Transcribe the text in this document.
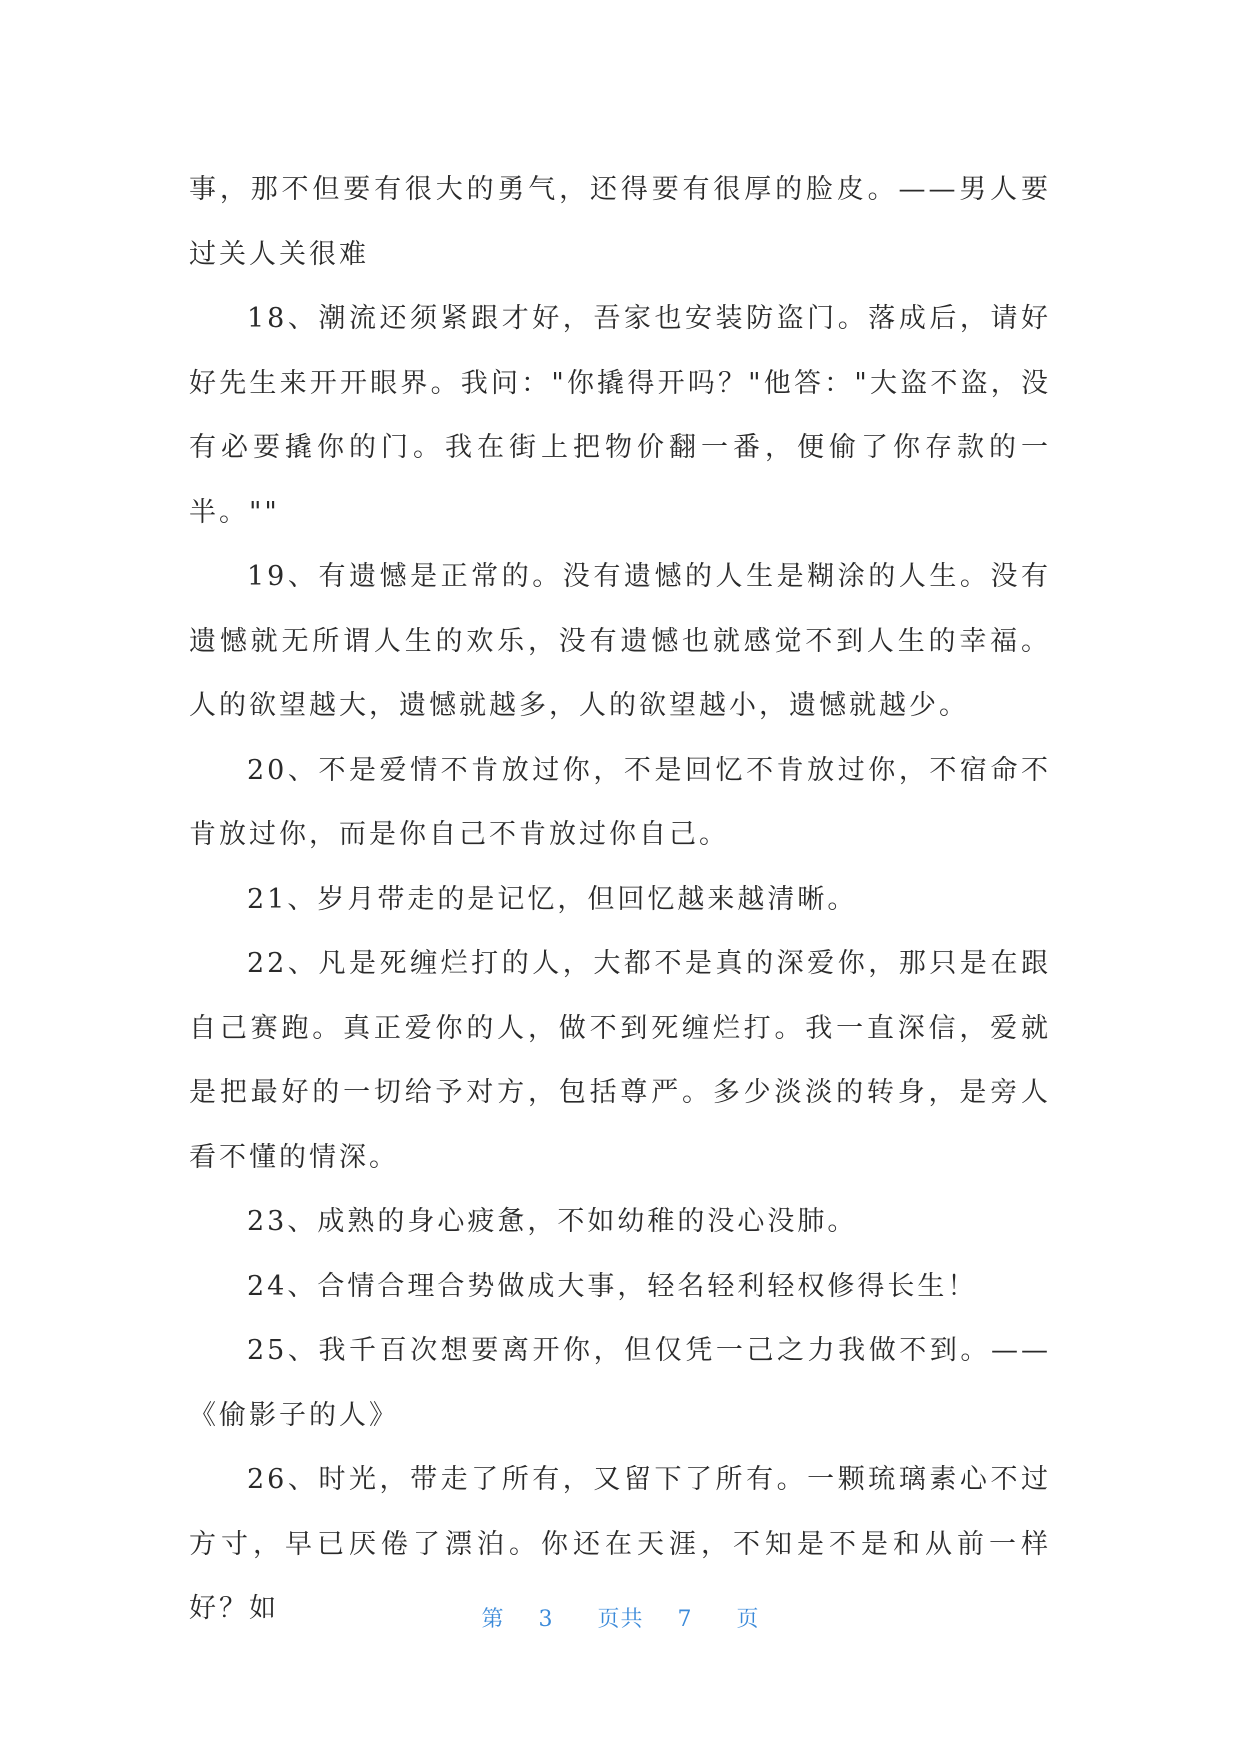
事，那不但要有很大的勇气，还得要有很厚的脸皮。——男人要过关人关很难

18、潮流还须紧跟才好，吾家也安装防盗门。落成后，请好好先生来开开眼界。我问："你撬得开吗？"他答："大盗不盗，没有必要撬你的门。我在街上把物价翻一番，便偷了你存款的一半。""

19、有遗憾是正常的。没有遗憾的人生是糊涂的人生。没有遗憾就无所谓人生的欢乐，没有遗憾也就感觉不到人生的幸福。人的欲望越大，遗憾就越多，人的欲望越小，遗憾就越少。

20、不是爱情不肯放过你，不是回忆不肯放过你，不宿命不肯放过你，而是你自己不肯放过你自己。

21、岁月带走的是记忆，但回忆越来越清晰。

22、凡是死缠烂打的人，大都不是真的深爱你，那只是在跟自己赛跑。真正爱你的人，做不到死缠烂打。我一直深信，爱就是把最好的一切给予对方，包括尊严。多少淡淡的转身，是旁人看不懂的情深。

23、成熟的身心疲惫，不如幼稚的没心没肺。

24、合情合理合势做成大事，轻名轻利轻权修得长生！

25、我千百次想要离开你，但仅凭一己之力我做不到。——《偷影子的人》

26、时光，带走了所有，又留下了所有。一颗琉璃素心不过方寸，早已厌倦了漂泊。你还在天涯，不知是不是和从前一样好？如	第 3 页共 7 页
